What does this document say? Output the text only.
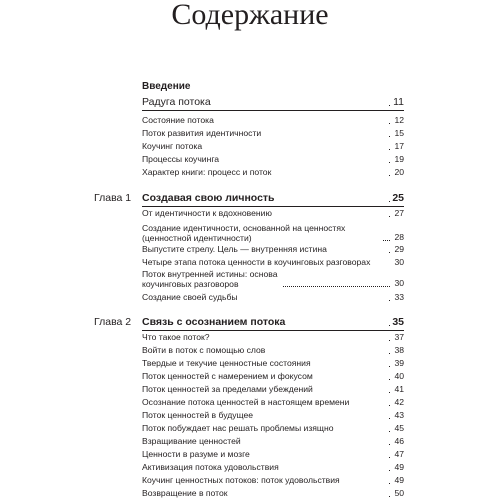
Содержание
Введение
Радуга потока	11
Состояние потока	12
Поток развития идентичности	15
Коучинг потока	17
Процессы коучинга	19
Характер книги: процесс и поток	20
Глава 1 Создавая свою личность	25
От идентичности к вдохновению	27
Создание идентичности, основанной на ценностях (ценностной идентичности)	28
Выпустите стрелу. Цель — внутренняя истина	29
Четыре этапа потока ценности в коучинговых разговорах	30
Поток внутренней истины: основа коучинговых разговоров	30
Создание своей судьбы	33
Глава 2 Связь с осознанием потока	35
Что такое поток?	37
Войти в поток с помощью слов	38
Твердые и текучие ценностные состояния	39
Поток ценностей с намерением и фокусом	40
Поток ценностей за пределами убеждений	41
Осознание потока ценностей в настоящем времени	42
Поток ценностей в будущее	43
Поток побуждает нас решать проблемы изящно	45
Взращивание ценностей	46
Ценности в разуме и мозге	47
Активизация потока удовольствия	49
Коучинг ценностных потоков: поток удовольствия	49
Возвращение в поток	50
